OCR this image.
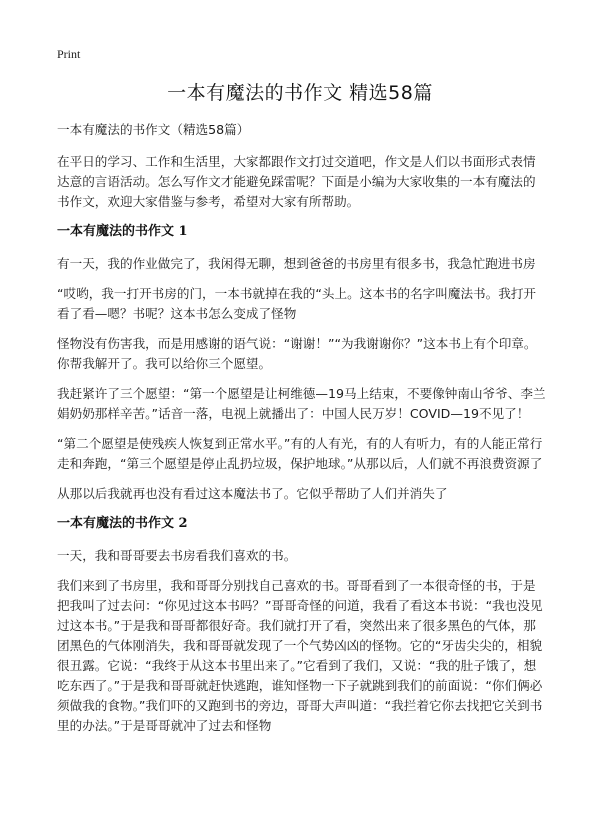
Print
一本有魔法的书作文 精选58篇

一本有魔法的书作文（精选58篇）

在平日的学习、工作和生活里，大家都跟作文打过交道吧，作文是人们以书面形式表情达意的言语活动。怎么写作文才能避免踩雷呢？下面是小编为大家收集的一本有魔法的书作文，欢迎大家借鉴与参考，希望对大家有所帮助。

一本有魔法的书作文 1

有一天，我的作业做完了，我闲得无聊，想到爸爸的书房里有很多书，我急忙跑进书房

“哎哟，我一打开书房的门，一本书就掉在我的“头上。这本书的名字叫魔法书。我打开看了看—嗯？书呢？这本书怎么变成了怪物

怪物没有伤害我，而是用感谢的语气说：“谢谢！”“为我谢谢你？”这本书上有个印章。你帮我解开了。我可以给你三个愿望。

我赶紧许了三个愿望：“第一个愿望是让柯维德—19马上结束，不要像钟南山爷爷、李兰娟奶奶那样辛苦。”话音一落，电视上就播出了：中国人民万岁！COVID—19不见了！

“第二个愿望是使残疾人恢复到正常水平。”有的人有光，有的人有听力，有的人能正常行走和奔跑，“第三个愿望是停止乱扔垃圾，保护地球。”从那以后，人们就不再浪费资源了

从那以后我就再也没有看过这本魔法书了。它似乎帮助了人们并消失了

一本有魔法的书作文 2

一天，我和哥哥要去书房看我们喜欢的书。

我们来到了书房里，我和哥哥分别找自己喜欢的书。哥哥看到了一本很奇怪的书，于是把我叫了过去问：“你见过这本书吗？”哥哥奇怪的问道，我看了看这本书说：“我也没见过这本书。”于是我和哥哥都很好奇。我们就打开了看，突然出来了很多黑色的气体，那团黑色的气体刚消失，我和哥哥就发现了一个气势凶凶的怪物。它的“牙齿尖尖的，相貌很丑露。它说：“我终于从这本书里出来了。”它看到了我们，又说：“我的肚子饿了，想吃东西了。”于是我和哥哥就赶快逃跑，谁知怪物一下子就跳到我们的前面说：“你们俩必须做我的食物。”我们吓的又跑到书的旁边，哥哥大声叫道：“我拦着它你去找把它关到书里的办法。”于是哥哥就冲了过去和怪物
